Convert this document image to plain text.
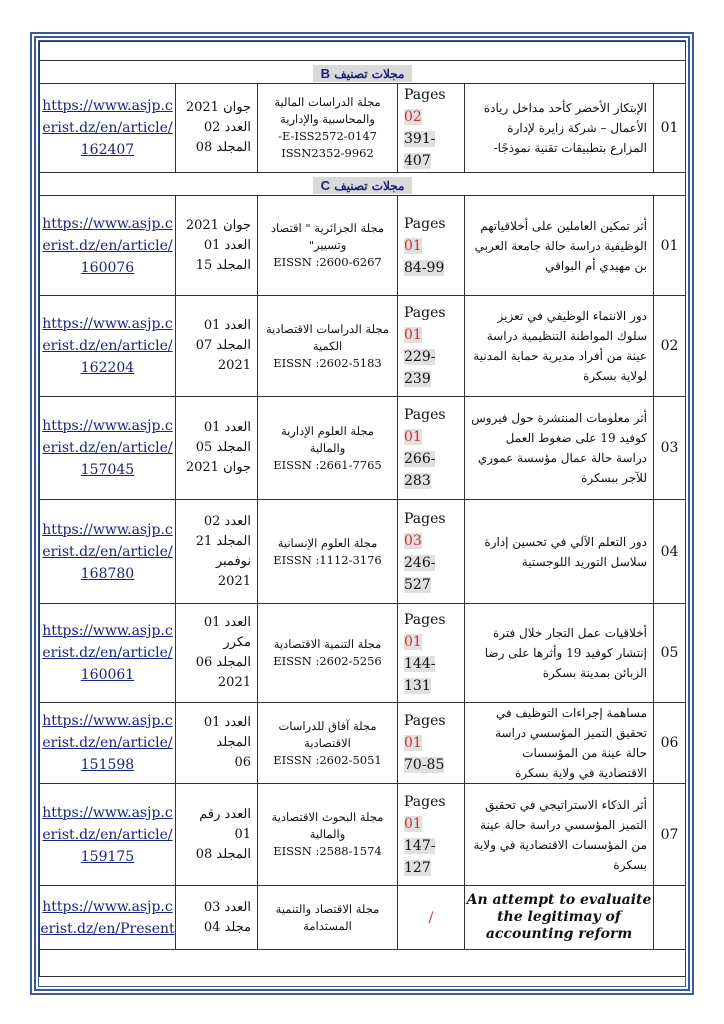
مجلات تصنيف B					
https://www.asjp.cerist.dz/en/article/162407	جوان 2021
العدد 02
المجلد 08	مجلة الدراسات المالية والمحاسبية والإدارية
E-ISS2572-0147-
ISSN2352-9962	Pages 02
391-407	الإبتكار الأخضر كأحد مداخل ريادة الأعمال – شركة زايرة لإدارة المزارع بتطبيقات تقنية نموذجًا-	01
مجلات تصنيف C					
https://www.asjp.cerist.dz/en/article/160076	جوان 2021
العدد 01
المجلد 15	مجلة الجزائرية " اقتصاد وتسيير"
EISSN :2600-6267	Pages 01
84-99	أثر تمكين العاملين على أخلاقياتهم الوظيفية دراسة حالة جامعة العربي بن مهيدي أم البواقي	01
https://www.asjp.cerist.dz/en/article/162204	العدد 01
المجلد 07
2021	مجلة الدراسات الاقتصادية الكمية
EISSN :2602-5183	Pages 01
229-239	دور الانتماء الوظيفي في تعزيز سلوك المواطنة التنظيمية دراسة عينة من أفراد مديرية حماية المدنية لولاية بسكرة	02
https://www.asjp.cerist.dz/en/article/157045	العدد 01
المجلد 05
جوان 2021	مجلة العلوم الإدارية والمالية
EISSN :2661-7765	Pages 01
266-283	أثر معلومات المنتشرة حول فيروس كوفيد 19 على ضغوط العمل دراسة حالة عمال مؤسسة عموري للآجر ببسكرة	03
https://www.asjp.cerist.dz/en/article/168780	العدد 02
المجلد 21
نوفمبر 2021	مجلة العلوم الإنسانية
EISSN :1112-3176	Pages 03
246-527	دور التعلم الآلي في تحسين إدارة سلاسل التوريد اللوجستية	04
https://www.asjp.cerist.dz/en/article/160061	العدد 01
مكرر
المجلد 06
2021	مجلة التنمية الاقتصادية
EISSN :2602-5256	Pages 01
144-131	أخلاقيات عمل التجار خلال فترة إنتشار كوفيد 19 وأثرها على رضا الزبائن بمدينة بسكرة	05
https://www.asjp.cerist.dz/en/article/151598	العدد 01 المجلد
06	مجلة آفاق للدراسات الاقتصادية
EISSN :2602-5051	Pages 01
70-85	مساهمة إجراءات التوظيف في تحقيق التميز المؤسسي دراسة حالة عينة من المؤسسات الاقتصادية في ولاية بسكرة	06
https://www.asjp.cerist.dz/en/article/159175	العدد رقم 01
المجلد 08	مجلة البحوث الاقتصادية والمالية
EISSN :2588-1574	Pages 01
147-127	أثر الذكاء الاستراتيجي في تحقيق التميز المؤسسي دراسة حالة عينة من المؤسسات الاقتصادية في ولاية بسكرة	07
https://www.asjp.cerist.dz/en/Present	العدد 03
مجلد 04	مجلة الاقتصاد والتنمية
المستدامة	/	An attempt to evaluaite the legitimay of accounting reform	
